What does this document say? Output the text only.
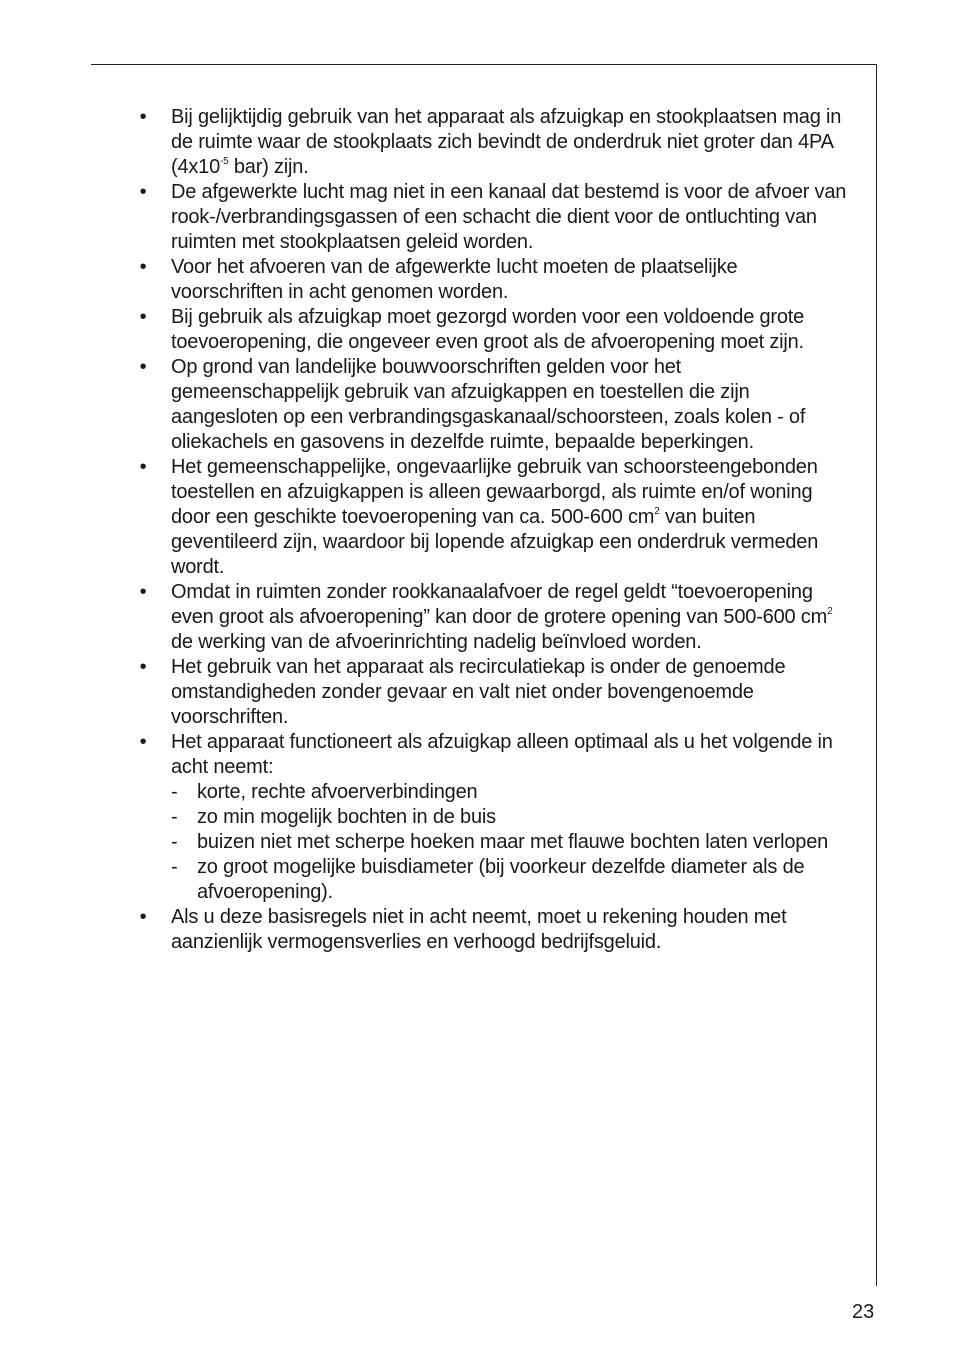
• Bij gelijktijdig gebruik van het apparaat als afzuigkap en stookplaatsen mag in de ruimte waar de stookplaats zich bevindt de onderdruk niet groter dan 4PA ($4x10^{-5}$ bar) zijn.
• De afgewerkte lucht mag niet in een kanaal dat bestemd is voor de afvoer van rook-/verbrandingsgassen of een schacht die dient voor de ontluchting van ruimten met stookplaatsen geleid worden.
• Voor het afvoeren van de afgewerkte lucht moeten de plaatselijke voorschriften in acht genomen worden.
• Bij gebruik als afzuigkap moet gezorgd worden voor een voldoende grote toevoeropening, die ongeveer even groot als de afvoeropening moet zijn.
• Op grond van landelijke bouwvoorschriften gelden voor het gemeenschappelijk gebruik van afzuigkappen en toestellen die zijn aangesloten op een verbrandingsgaskanaal/schoorsteen, zoals kolen - of oliekachels en gasovens in dezelfde ruimte, bepaalde beperkingen.
• Het gemeenschappelijke, ongevaarlijke gebruik van schoorsteengebonden toestellen en afzuigkappen is alleen gewaarborgd, als ruimte en/of woning door een geschikte toevoeropening van ca. 500-600 $cm^2$ van buiten geventileerd zijn, waardoor bij lopende afzuigkap een onderdruk vermeden wordt.
• Omdat in ruimten zonder rookkanaalafvoer de regel geldt “toevoeropening even groot als afvoeropening” kan door de grotere opening van 500-600 $cm^2$ de werking van de afvoerinrichting nadelig beïnvloed worden.
• Het gebruik van het apparaat als recirculatiekap is onder de genoemde omstandigheden zonder gevaar en valt niet onder bovengenoemde voorschriften.
• Het apparaat functioneert als afzuigkap alleen optimaal als u het volgende in acht neemt:
- korte, rechte afvoerverbindingen
- zo min mogelijk bochten in de buis
- buizen niet met scherpe hoeken maar met flauwe bochten laten verlopen
- zo groot mogelijke buisdiameter (bij voorkeur dezelfde diameter als de afvoeropening).
• Als u deze basisregels niet in acht neemt, moet u rekening houden met aanzienlijk vermogensverlies en verhoogd bedrijfsgeluid.
23
